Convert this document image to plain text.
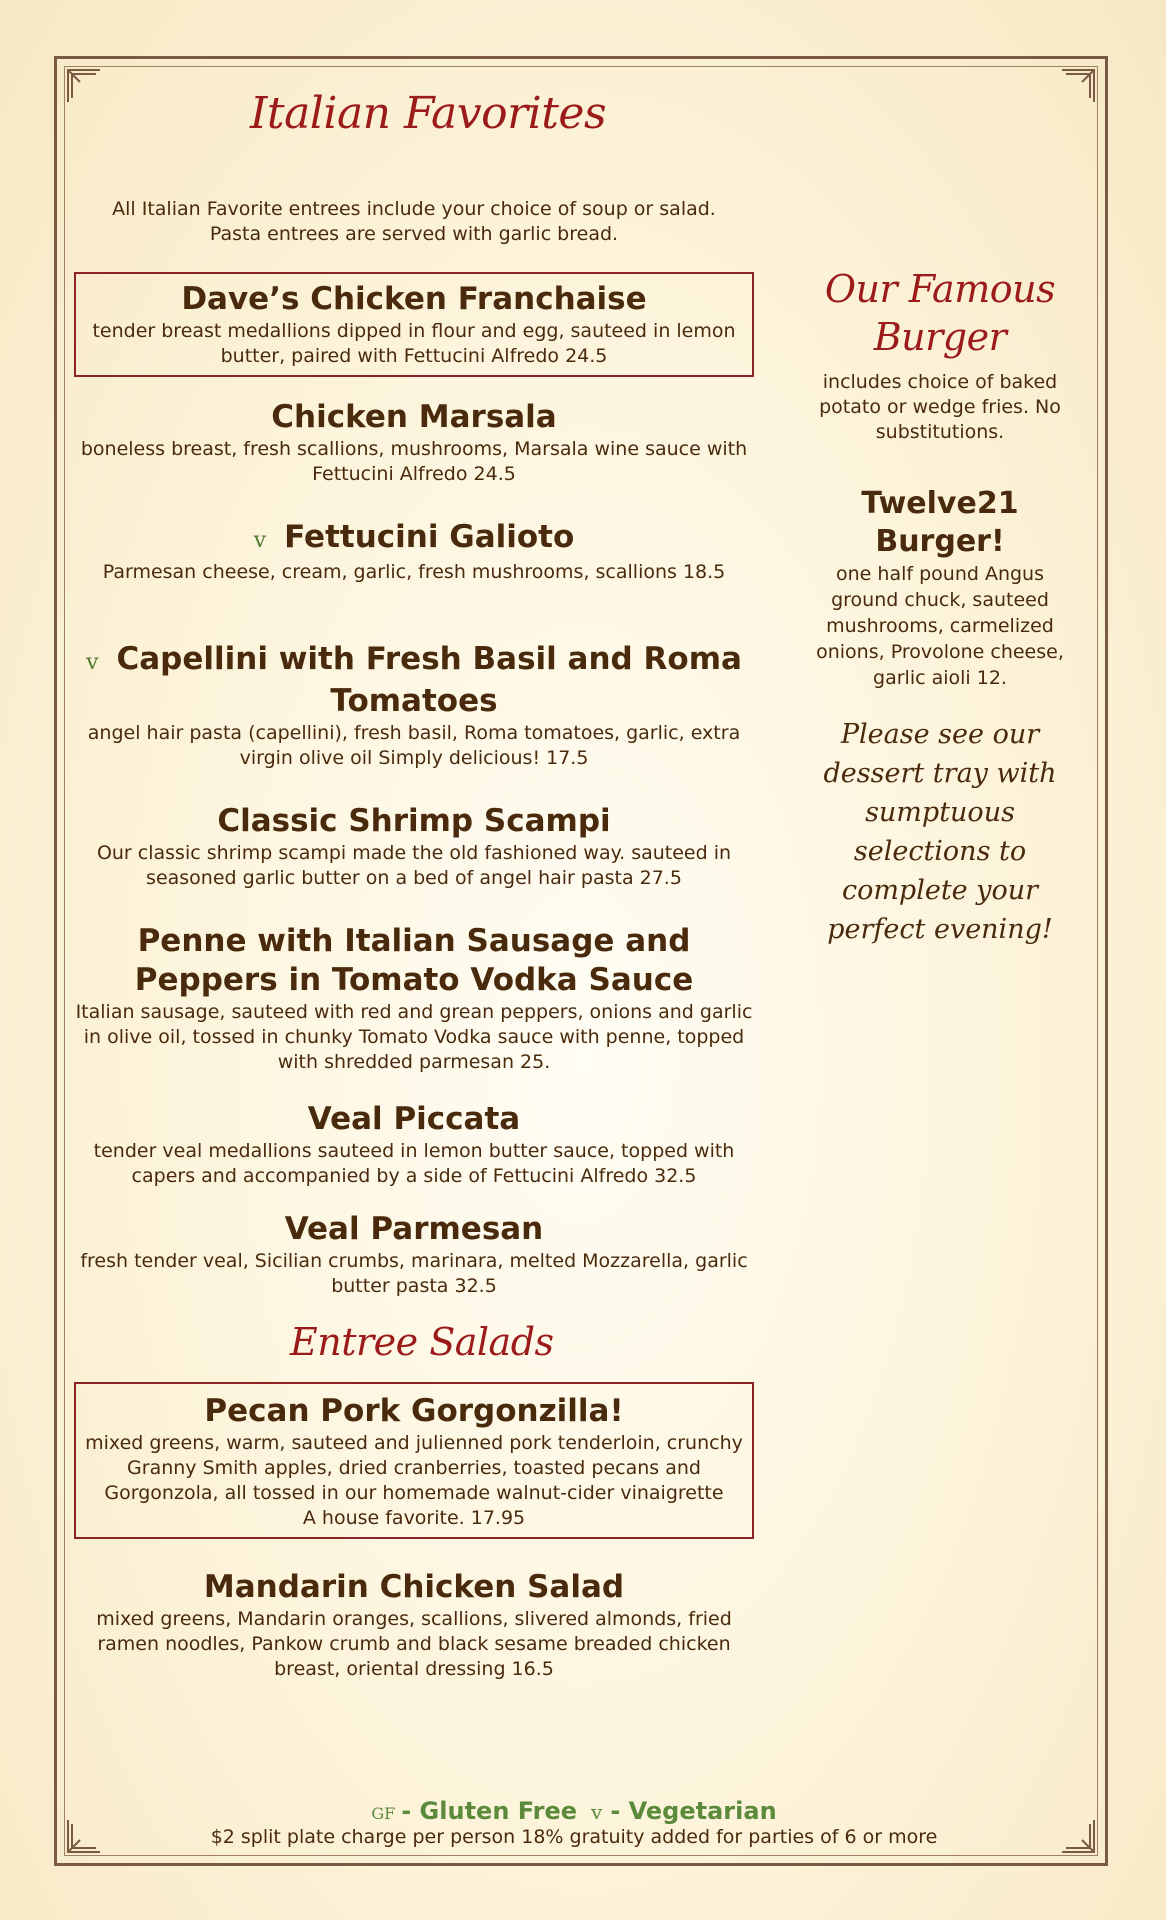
Italian Favorites
All Italian Favorite entrees include your choice of soup or salad.
Pasta entrees are served with garlic bread.
Dave’s Chicken Franchaise

tender breast medallions dipped in flour and egg, sauteed in lemon butter, paired with Fettucini Alfredo 24.5

Chicken Marsala

boneless breast, fresh scallions, mushrooms, Marsala wine sauce with Fettucini Alfredo 24.5

v Fettucini Galioto

Parmesan cheese, cream, garlic, fresh mushrooms, scallions 18.5

v Capellini with Fresh Basil and Roma Tomatoes

angel hair pasta (capellini), fresh basil, Roma tomatoes, garlic, extra virgin olive oil Simply delicious! 17.5

Classic Shrimp Scampi

Our classic shrimp scampi made the old fashioned way. sauteed in seasoned garlic butter on a bed of angel hair pasta 27.5

Penne with Italian Sausage and Peppers in Tomato Vodka Sauce

Italian sausage, sauteed with red and grean peppers, onions and garlic in olive oil, tossed in chunky Tomato Vodka sauce with penne, topped with shredded parmesan 25.

Veal Piccata

tender veal medallions sauteed in lemon butter sauce, topped with capers and accompanied by a side of Fettucini Alfredo 32.5

Veal Parmesan

fresh tender veal, Sicilian crumbs, marinara, melted Mozzarella, garlic butter pasta 32.5

Entree Salads
Pecan Pork Gorgonzilla!

mixed greens, warm, sauteed and julienned pork tenderloin, crunchy Granny Smith apples, dried cranberries, toasted pecans and Gorgonzola, all tossed in our homemade walnut-cider vinaigrette

A house favorite. 17.95

Mandarin Chicken Salad

mixed greens, Mandarin oranges, scallions, slivered almonds, fried ramen noodles, Pankow crumb and black sesame breaded chicken breast, oriental dressing 16.5

Our Famous Burger
includes choice of baked potato or wedge fries. No substitutions.
Twelve21 Burger!

one half pound Angus ground chuck, sauteed mushrooms, carmelized onions, Provolone cheese, garlic aioli 12.

Please see our dessert tray with sumptuous selections to complete your perfect evening!
GF - Gluten Free v - Vegetarian
$2 split plate charge per person 18% gratuity added for parties of 6 or more
